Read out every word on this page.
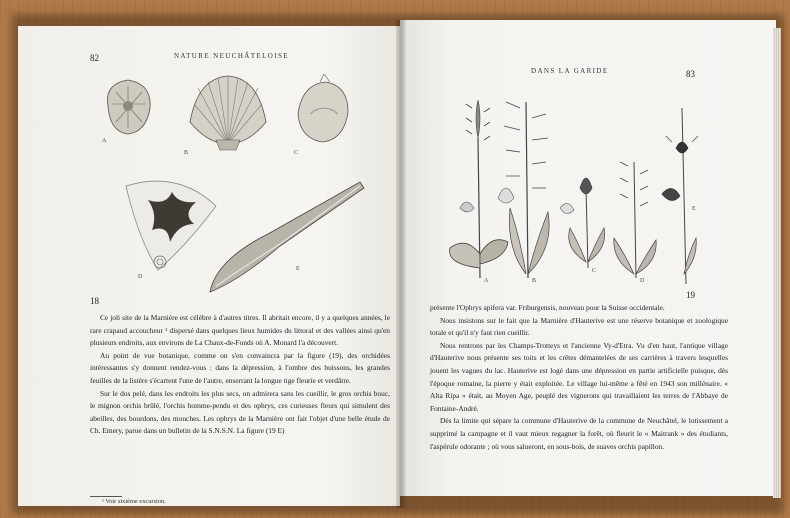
82	NATURE NEUCHÂTELOISE
A
B	C
D
E
18

Ce joli site de la Marnière est célèbre à d'autres titres. Il abritait encore, il y a quelques années, le rare crapaud accoucheur ¹ dispersé dans quelques lieux humides du littoral et des vallées ainsi qu'en plusieurs endroits, aux environs de La Chaux-de-Fonds où A. Monard l'a découvert.

Au point de vue botanique, comme on s'en convaincra par la figure (19), des orchidées intéressantes s'y donnent rendez-vous : dans la dépression, à l'ombre des buissons, les grandes feuilles de la listère s'écartent l'une de l'autre, enserrant la longue tige fleurie et verdâtre.

Sur le dos pelé, dans les endroits les plus secs, on admirera sans les cueillir, le gros orchis bouc, le mignon orchis brûlé, l'orchis homme-pendu et des ophrys, ces curieuses fleurs qui simulent des abeilles, des bourdons, des mouches. Les ophrys de la Marnière ont fait l'objet d'une belle étude de Ch. Emery, parue dans un bulletin de la S.N.S.N. La figure (19 E)

¹ Voir sixième excursion.
DANS LA GARIDE	83
A	B
C
D
E
19

présente l'Ophrys apifera var. Friburgensis, nouveau pour la Suisse occidentale.

Nous insistons sur le fait que la Marnière d'Hauterive est une réserve botanique et zoologique totale et qu'il n'y faut rien cueillir.

Nous rentrons par les Champs-Trotteys et l'ancienne Vy-d'Etra. Vu d'en haut, l'antique village d'Hauterive nous présente ses toits et les crêtes démantelées de ses carrières à travers lesquelles jouent les vagues du lac. Hauterive est logé dans une dépression en partie artificielle puisque, dès l'époque romaine, la pierre y était exploitée. Le village lui-même a fêté en 1943 son millénaire. « Alta Ripa » était, au Moyen Age, peuplé des vignerons qui travaillaient les terres de l'Abbaye de Fontaine-André.

Dès la limite qui sépare la commune d'Hauterive de la commune de Neuchâtel, le lotissement a supprimé la campagne et il vaut mieux regagner la forêt, où fleurit le « Maitrank » des étudiants, l'aspérule odorante ; où vous salueront, en sous-bois, de suaves orchis papillon.
